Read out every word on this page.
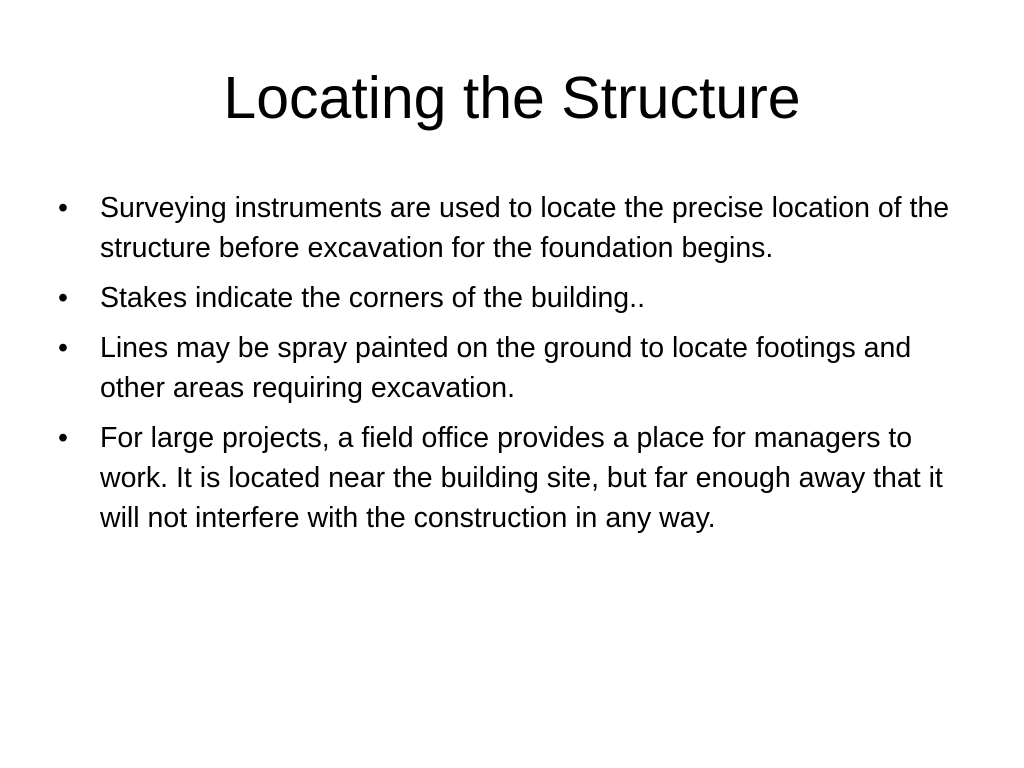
Locating the Structure
•	Surveying instruments are used to locate the precise location of the structure before excavation for the foundation begins.
•	Stakes indicate the corners of the building..
•	Lines may be spray painted on the ground to locate footings and other areas requiring excavation.
•	For large projects, a field office provides a place for managers to work. It is located near the building site, but far enough away that it will not interfere with the construction in any way.
